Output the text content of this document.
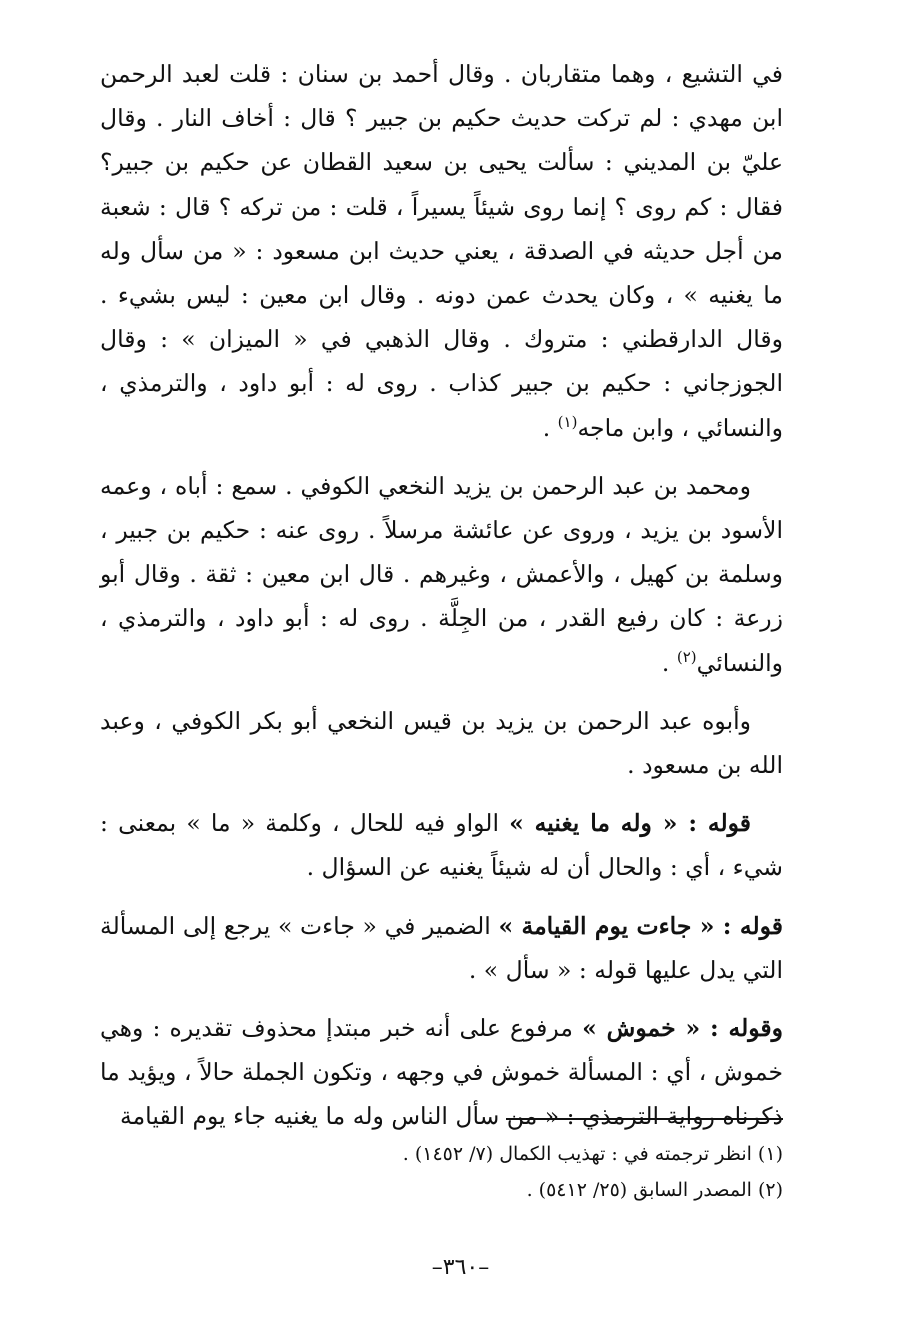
في التشيع ، وهما متقاربان . وقال أحمد بن سنان : قلت لعبد الرحمن ابن مهدي : لم تركت حديث حكيم بن جبير ؟ قال : أخاف النار . وقال عليّ بن المديني : سألت يحيى بن سعيد القطان عن حكيم بن جبير؟ فقال : كم روى ؟ إنما روى شيئاً يسيراً ، قلت : من تركه ؟ قال : شعبة من أجل حديثه في الصدقة ، يعني حديث ابن مسعود : « من سأل وله ما يغنيه » ، وكان يحدث عمن دونه . وقال ابن معين : ليس بشيء . وقال الدارقطني : متروك . وقال الذهبي في « الميزان » : وقال الجوزجاني : حكيم بن جبير كذاب . روى له : أبو داود ، والترمذي ، والنسائي ، وابن ماجه$^{(١)}$ .

ومحمد بن عبد الرحمن بن يزيد النخعي الكوفي . سمع : أباه ، وعمه الأسود بن يزيد ، وروى عن عائشة مرسلاً . روى عنه : حكيم بن جبير ، وسلمة بن كهيل ، والأعمش ، وغيرهم . قال ابن معين : ثقة . وقال أبو زرعة : كان رفيع القدر ، من الجِلَّة . روى له : أبو داود ، والترمذي ، والنسائي$^{(٢)}$ .

وأبوه عبد الرحمن بن يزيد بن قيس النخعي أبو بكر الكوفي ، وعبد الله بن مسعود .

قوله : « وله ما يغنيه » الواو فيه للحال ، وكلمة « ما » بمعنى : شيء ، أي : والحال أن له شيئاً يغنيه عن السؤال .

قوله : « جاءت يوم القيامة » الضمير في « جاءت » يرجع إلى المسألة التي يدل عليها قوله : « سأل » .

وقوله : « خموش » مرفوع على أنه خبر مبتدإ محذوف تقديره : وهي خموش ، أي : المسألة خموش في وجهه ، وتكون الجملة حالاً ، ويؤيد ما ذكرناه رواية الترمذي : « من سأل الناس وله ما يغنيه جاء يوم القيامة

(١) انظر ترجمته في : تهذيب الكمال (٧/ ١٤٥٢) .

(٢) المصدر السابق (٢٥/ ٥٤١٢) .

–٣٦٠–
